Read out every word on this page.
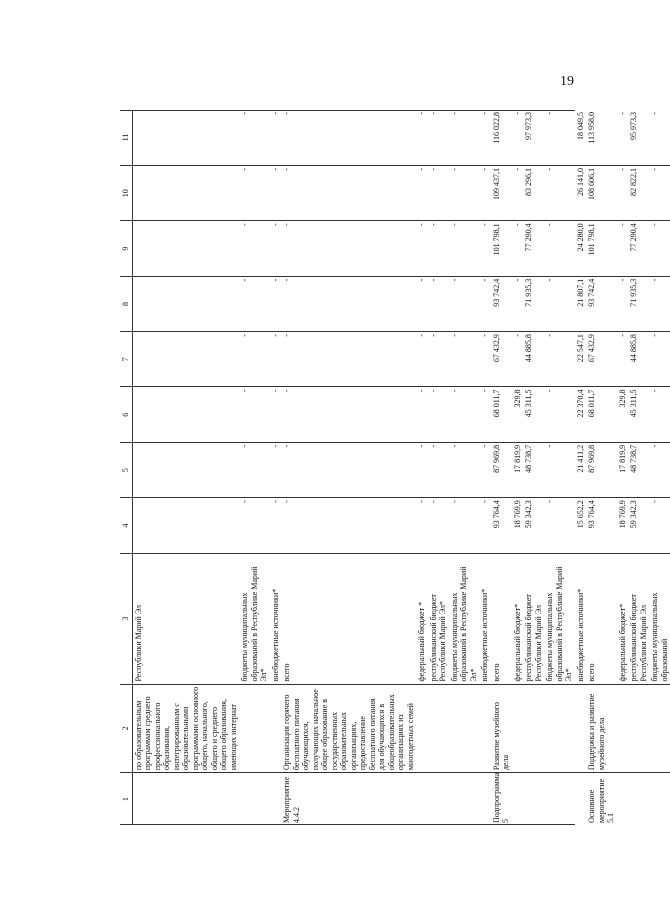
19
1	2	3	4	5	6	7	8	9	10	11
	по образовательным программам среднего профессионального образования, интегрированным с образовательными программами основного общего, начального, общего и среднего общего образования, имеющих интернат	Республики Марий Эл								
		бюджеты муниципальных образований в Республике Марий Эл*	-	-	-	-	-	-	-	-
		внебюджетные источники*	-	-	-	-	-	-	-	-
Мероприятие 4.4.2	Организация горячего бесплатного питания обучающихся, получающих начальное общее образование в государственных образовательных организациях, предоставление бесплатного питания для обучающихся в общеобразовательных организациях из многодетных семей	всего	-	-	-	-	-	-	-	-
		федеральный бюджет *	-	-	-	-	-	-	-	-
		республиканский бюджет Республики Марий Эл*	-	-	-	-	-	-	-	-
		бюджеты муниципальных образований в Республике Марий Эл*	-	-	-	-	-	-	-	-
		внебюджетные источники*	-	-	-	-	-	-	-	-
Подпрограмма 5	Развитие музейного дела	всего	93 764,4	87 969,8	68 011,7	67 432,9	93 742,4	101 798,1	109 437,1	116 022,8
		федеральный бюджет*	18 769,9	17 819,9	329,8	-	-	-	-	-
		республиканский бюджет Республики Марий Эл	59 342,3	48 738,7	45 311,5	44 885,8	71 935,3	77 290,4	83 296,1	97 973,3
		бюджеты муниципальных образований в Республике Марий Эл*	-	-	-	-	-	-	-	-
		внебюджетные источники*	15 652,2	21 411,2	22 370,4	22 547,1	21 807,1	24 280,0	26 141,0	18 049,5
Основное мероприятие 5.1	Поддержка и развитие музейного дела	всего	93 764,4	87 969,8	68 011,7	67 432,9	93 742,4	101 798,1	108 606,1	113 958,0
		федеральный бюджет*	18 769,9	17 819,9	329,8	-	-	-	-	-
		республиканский бюджет Республики Марий Эл	59 342,3	48 738,7	45 311,5	44 885,8	71 935,3	77 290,4	82 822,1	95 973,3
		бюджеты муниципальных образований	-	-	-	-	-	-	-	-
